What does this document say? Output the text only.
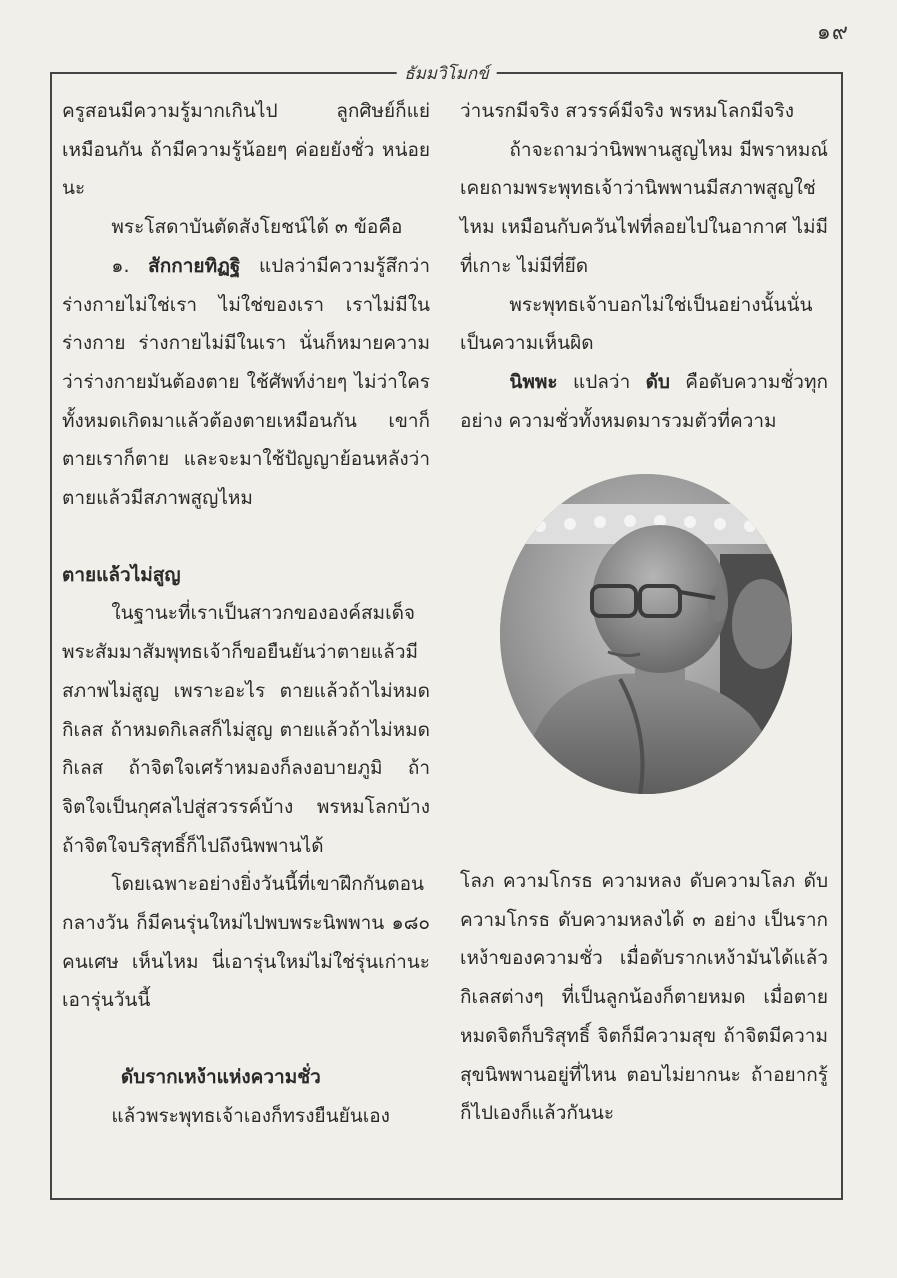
๑๙
ธัมมวิโมกข์

ครูสอนมีความรู้มากเกินไป ลูกศิษย์ก็แย่ เหมือนกัน ถ้ามีความรู้น้อยๆ ค่อยยังชั่ว หน่อยนะ

พระโสดาบันตัดสังโยชน์ได้ ๓ ข้อคือ

๑. สักกายทิฏฐิ แปลว่ามีความรู้สึกว่าร่างกายไม่ใช่เรา ไม่ใช่ของเรา เราไม่มีในร่างกาย ร่างกายไม่มีในเรา นั่นก็หมายความว่าร่างกายมันต้องตาย ใช้ศัพท์ง่ายๆ ไม่ว่าใครทั้งหมดเกิดมาแล้วต้องตายเหมือนกัน เขาก็ตายเราก็ตาย และจะมาใช้ปัญญาย้อนหลังว่าตายแล้วมีสภาพสูญไหม

ตายแล้วไม่สูญ

ในฐานะที่เราเป็นสาวกขององค์สมเด็จพระสัมมาสัมพุทธเจ้าก็ขอยืนยันว่าตายแล้วมีสภาพไม่สูญ เพราะอะไร ตายแล้วถ้าไม่หมดกิเลส ถ้าหมดกิเลสก็ไม่สูญ ตายแล้วถ้าไม่หมดกิเลส ถ้าจิตใจเศร้าหมองก็ลงอบายภูมิ ถ้าจิตใจเป็นกุศลไปสู่สวรรค์บ้าง พรหมโลกบ้าง ถ้าจิตใจบริสุทธิ์ก็ไปถึงนิพพานได้

โดยเฉพาะอย่างยิ่งวันนี้ที่เขาฝึกกันตอนกลางวัน ก็มีคนรุ่นใหม่ไปพบพระนิพพาน ๑๘๐ คนเศษ เห็นไหม นี่เอารุ่นใหม่ไม่ใช่รุ่นเก่านะ เอารุ่นวันนี้

ดับรากเหง้าแห่งความชั่ว

แล้วพระพุทธเจ้าเองก็ทรงยืนยันเอง

ว่านรกมีจริง สวรรค์มีจริง พรหมโลกมีจริง

ถ้าจะถามว่านิพพานสูญไหม มีพราหมณ์เคยถามพระพุทธเจ้าว่านิพพานมีสภาพสูญใช่ไหม เหมือนกับควันไฟที่ลอยไปในอากาศ ไม่มีที่เกาะ ไม่มีที่ยึด

พระพุทธเจ้าบอกไม่ใช่เป็นอย่างนั้นนั่นเป็นความเห็นผิด

นิพพะ แปลว่า ดับ คือดับความชั่วทุกอย่าง ความชั่วทั้งหมดมารวมตัวที่ความ

โลภ ความโกรธ ความหลง ดับความโลภ ดับความโกรธ ดับความหลงได้ ๓ อย่าง เป็นรากเหง้าของความชั่ว เมื่อดับรากเหง้ามันได้แล้วกิเลสต่างๆ ที่เป็นลูกน้องก็ตายหมด เมื่อตายหมดจิตก็บริสุทธิ์ จิตก็มีความสุข ถ้าจิตมีความสุขนิพพานอยู่ที่ไหน ตอบไม่ยากนะ ถ้าอยากรู้ก็ไปเองก็แล้วกันนะ
